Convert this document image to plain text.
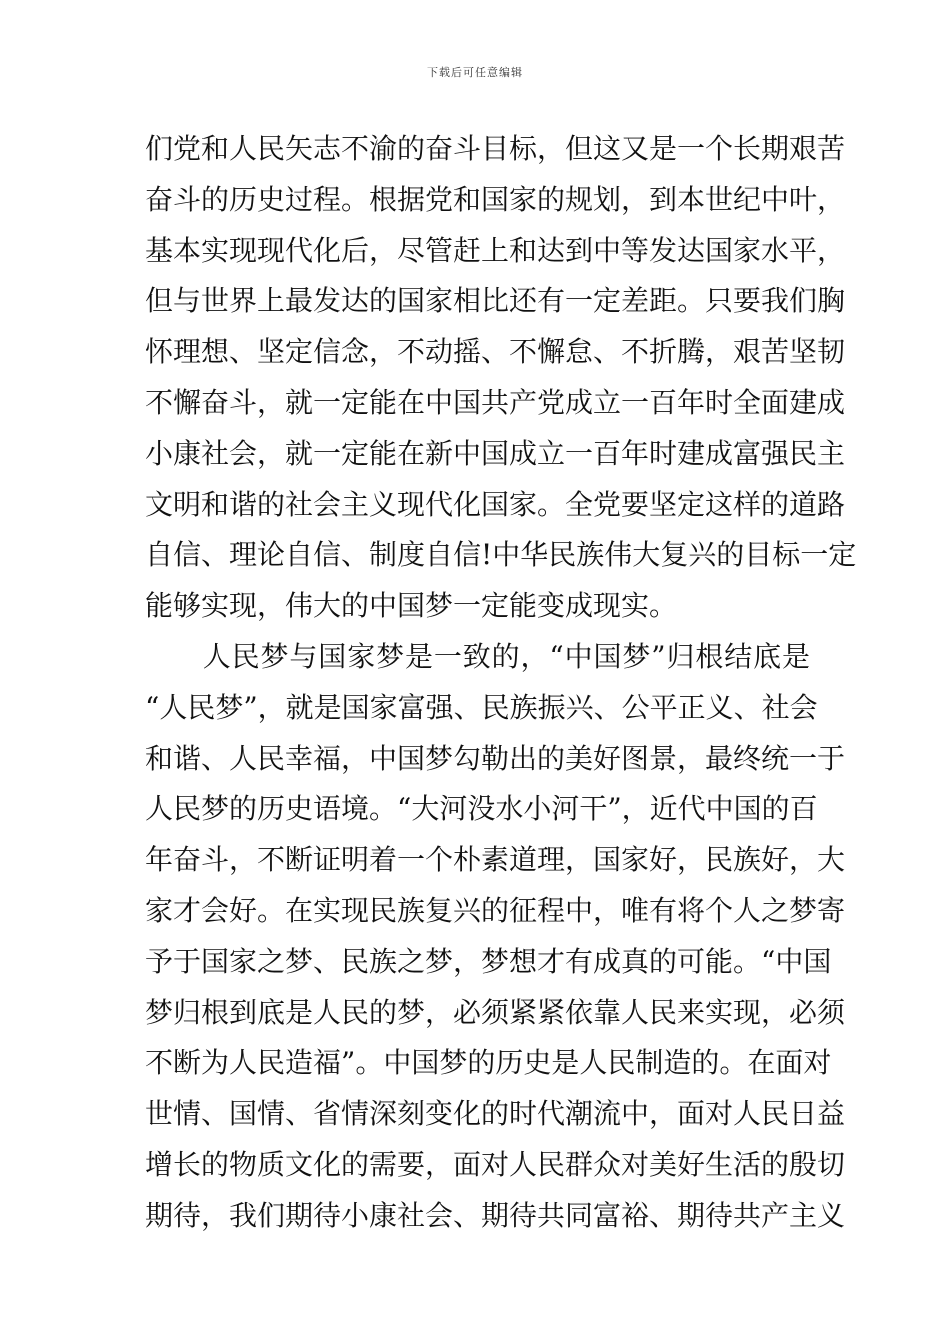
下载后可任意编辑
们党和人民矢志不渝的奋斗目标，但这又是一个长期艰苦
奋斗的历史过程。根据党和国家的规划，到本世纪中叶，
基本实现现代化后，尽管赶上和达到中等发达国家水平，
但与世界上最发达的国家相比还有一定差距。只要我们胸
怀理想、坚定信念，不动摇、不懈怠、不折腾，艰苦坚韧
不懈奋斗，就一定能在中国共产党成立一百年时全面建成
小康社会，就一定能在新中国成立一百年时建成富强民主
文明和谐的社会主义现代化国家。全党要坚定这样的道路
自信、理论自信、制度自信!中华民族伟大复兴的目标一定
能够实现，伟大的中国梦一定能变成现实。
　　人民梦与国家梦是一致的，“中国梦”归根结底是
“人民梦”，就是国家富强、民族振兴、公平正义、社会
和谐、人民幸福，中国梦勾勒出的美好图景，最终统一于
人民梦的历史语境。“大河没水小河干”，近代中国的百
年奋斗，不断证明着一个朴素道理，国家好，民族好，大
家才会好。在实现民族复兴的征程中，唯有将个人之梦寄
予于国家之梦、民族之梦，梦想才有成真的可能。“中国
梦归根到底是人民的梦，必须紧紧依靠人民来实现，必须
不断为人民造福”。中国梦的历史是人民制造的。在面对
世情、国情、省情深刻变化的时代潮流中，面对人民日益
增长的物质文化的需要，面对人民群众对美好生活的殷切
期待，我们期待小康社会、期待共同富裕、期待共产主义
